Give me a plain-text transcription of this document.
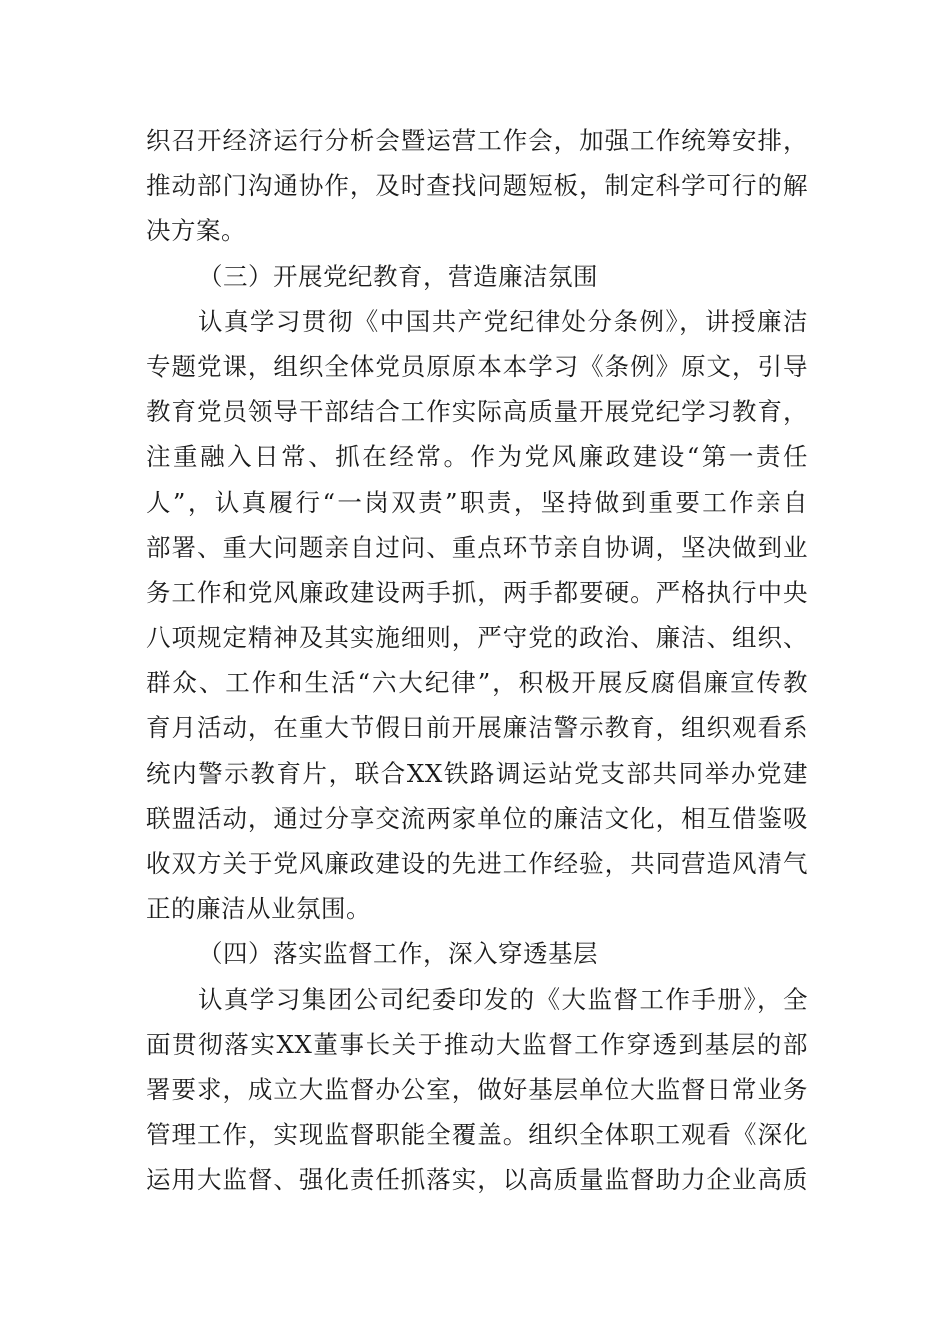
织召开经济运行分析会暨运营工作会，加强工作统筹安排，
推动部门沟通协作，及时查找问题短板，制定科学可行的解
决方案。
（三）开展党纪教育，营造廉洁氛围
认真学习贯彻《中国共产党纪律处分条例》，讲授廉洁
专题党课，组织全体党员原原本本学习《条例》原文，引导
教育党员领导干部结合工作实际高质量开展党纪学习教育，
注重融入日常、抓在经常。作为党风廉政建设“第一责任
人”，认真履行“一岗双责”职责，坚持做到重要工作亲自
部署、重大问题亲自过问、重点环节亲自协调，坚决做到业
务工作和党风廉政建设两手抓，两手都要硬。严格执行中央
八项规定精神及其实施细则，严守党的政治、廉洁、组织、
群众、工作和生活“六大纪律”，积极开展反腐倡廉宣传教
育月活动，在重大节假日前开展廉洁警示教育，组织观看系
统内警示教育片，联合XX铁路调运站党支部共同举办党建
联盟活动，通过分享交流两家单位的廉洁文化，相互借鉴吸
收双方关于党风廉政建设的先进工作经验，共同营造风清气
正的廉洁从业氛围。
（四）落实监督工作，深入穿透基层
认真学习集团公司纪委印发的《大监督工作手册》，全
面贯彻落实XX董事长关于推动大监督工作穿透到基层的部
署要求，成立大监督办公室，做好基层单位大监督日常业务
管理工作，实现监督职能全覆盖。组织全体职工观看《深化
运用大监督、强化责任抓落实，以高质量监督助力企业高质
